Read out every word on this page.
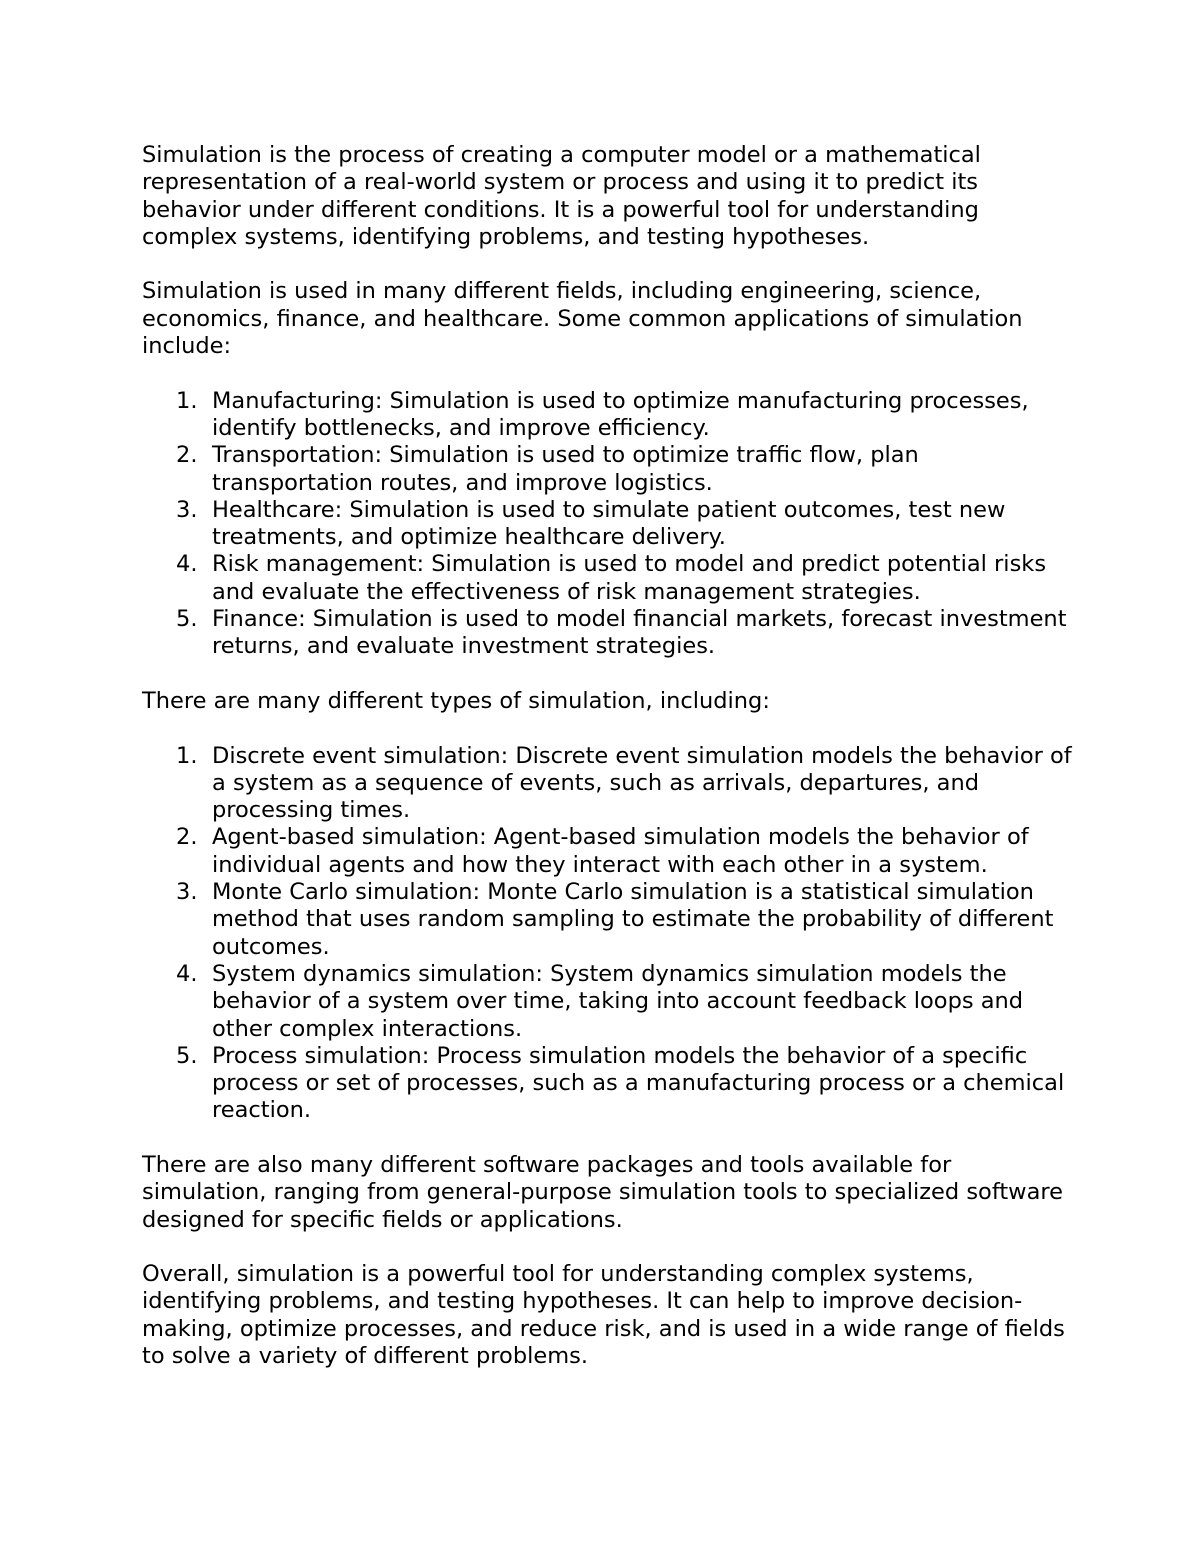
Simulation is the process of creating a computer model or a mathematical representation of a real-world system or process and using it to predict its behavior under different conditions. It is a powerful tool for understanding complex systems, identifying problems, and testing hypotheses.

Simulation is used in many different fields, including engineering, science, economics, finance, and healthcare. Some common applications of simulation include:

1. Manufacturing: Simulation is used to optimize manufacturing processes, identify bottlenecks, and improve efficiency.
2. Transportation: Simulation is used to optimize traffic flow, plan transportation routes, and improve logistics.
3. Healthcare: Simulation is used to simulate patient outcomes, test new treatments, and optimize healthcare delivery.
4. Risk management: Simulation is used to model and predict potential risks and evaluate the effectiveness of risk management strategies.
5. Finance: Simulation is used to model financial markets, forecast investment returns, and evaluate investment strategies.

There are many different types of simulation, including:

1. Discrete event simulation: Discrete event simulation models the behavior of a system as a sequence of events, such as arrivals, departures, and processing times.
2. Agent-based simulation: Agent-based simulation models the behavior of individual agents and how they interact with each other in a system.
3. Monte Carlo simulation: Monte Carlo simulation is a statistical simulation method that uses random sampling to estimate the probability of different outcomes.
4. System dynamics simulation: System dynamics simulation models the behavior of a system over time, taking into account feedback loops and other complex interactions.
5. Process simulation: Process simulation models the behavior of a specific process or set of processes, such as a manufacturing process or a chemical reaction.

There are also many different software packages and tools available for simulation, ranging from general-purpose simulation tools to specialized software designed for specific fields or applications.

Overall, simulation is a powerful tool for understanding complex systems, identifying problems, and testing hypotheses. It can help to improve decision-making, optimize processes, and reduce risk, and is used in a wide range of fields to solve a variety of different problems.
